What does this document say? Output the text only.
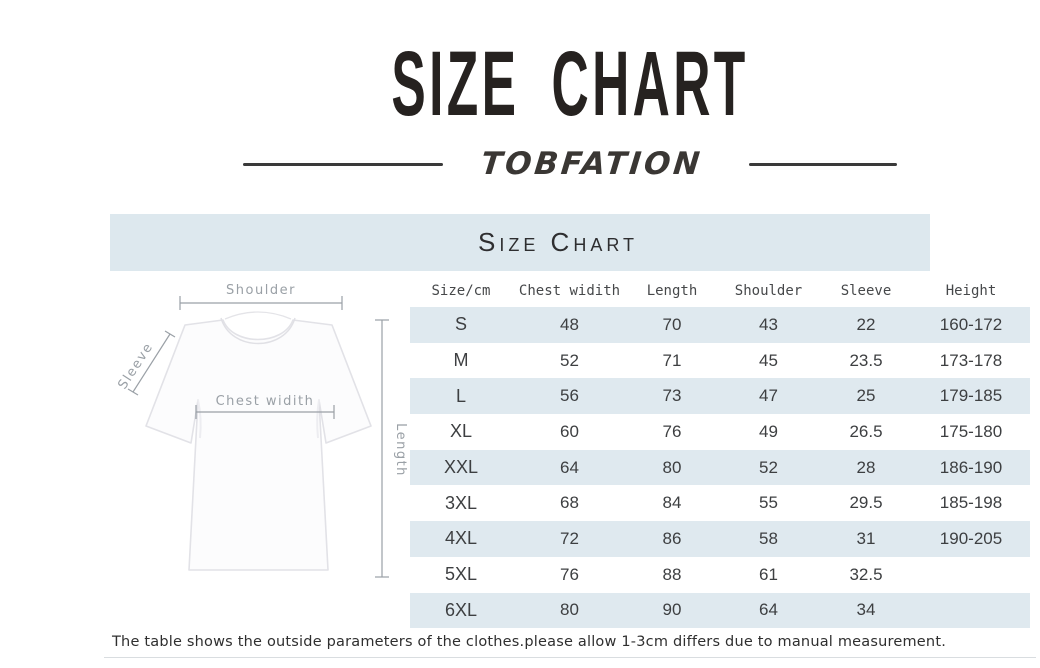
SIZE CHART
TOBFATION
Size Chart
Shoulder
Sleeve
Chest widith
Length
Size/cm	Chest widith	Length	Shoulder	Sleeve	Height
S	48	70	43	22	160-172
M	52	71	45	23.5	173-178
L	56	73	47	25	179-185
XL	60	76	49	26.5	175-180
XXL	64	80	52	28	186-190
3XL	68	84	55	29.5	185-198
4XL	72	86	58	31	190-205
5XL	76	88	61	32.5
6XL	80	90	64	34
The table shows the outside parameters of the clothes.please allow 1-3cm differs due to manual measurement.
